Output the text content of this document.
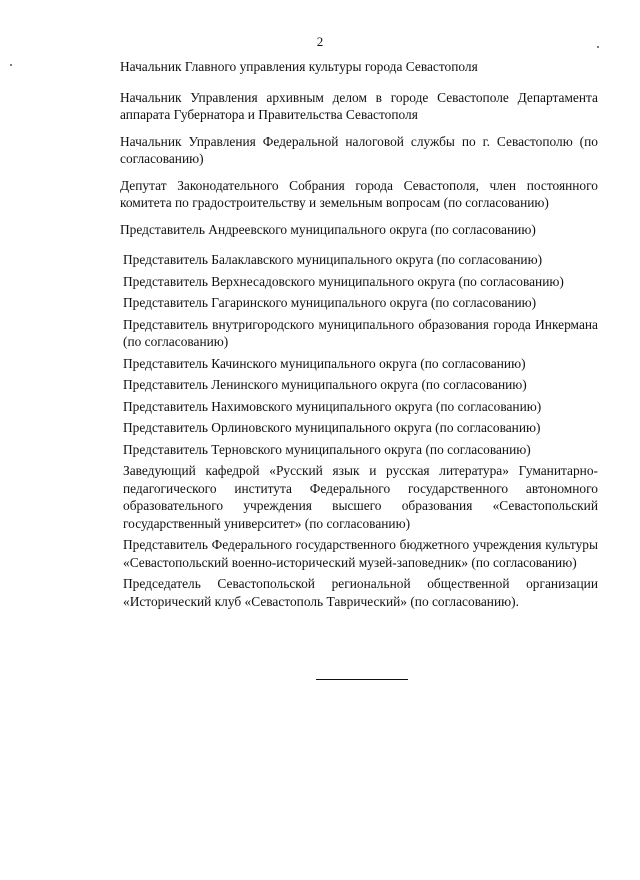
2

Начальник Главного управления культуры города Севастополя

Начальник Управления архивным делом в городе Севастополе Департамента аппарата Губернатора и Правительства Севастополя

Начальник Управления Федеральной налоговой службы по г. Севастополю (по согласованию)

Депутат Законодательного Собрания города Севастополя, член постоянного комитета по градостроительству и земельным вопросам (по согласованию)

Представитель Андреевского муниципального округа (по согласованию)

Представитель Балаклавского муниципального округа (по согласованию)

Представитель Верхнесадовского муниципального округа (по согласованию)

Представитель Гагаринского муниципального округа (по согласованию)

Представитель внутригородского муниципального образования города Инкермана (по согласованию)

Представитель Качинского муниципального округа (по согласованию)

Представитель Ленинского муниципального округа (по согласованию)

Представитель Нахимовского муниципального округа (по согласованию)

Представитель Орлиновского муниципального округа (по согласованию)

Представитель Терновского муниципального округа (по согласованию)

Заведующий кафедрой «Русский язык и русская литература» Гуманитарно-педагогического института Федерального государственного автономного образовательного учреждения высшего образования «Севастопольский государственный университет» (по согласованию)

Представитель Федерального государственного бюджетного учреждения культуры «Севастопольский военно-исторический музей-заповедник» (по согласованию)

Председатель Севастопольской региональной общественной организации «Исторический клуб «Севастополь Таврический» (по согласованию).
